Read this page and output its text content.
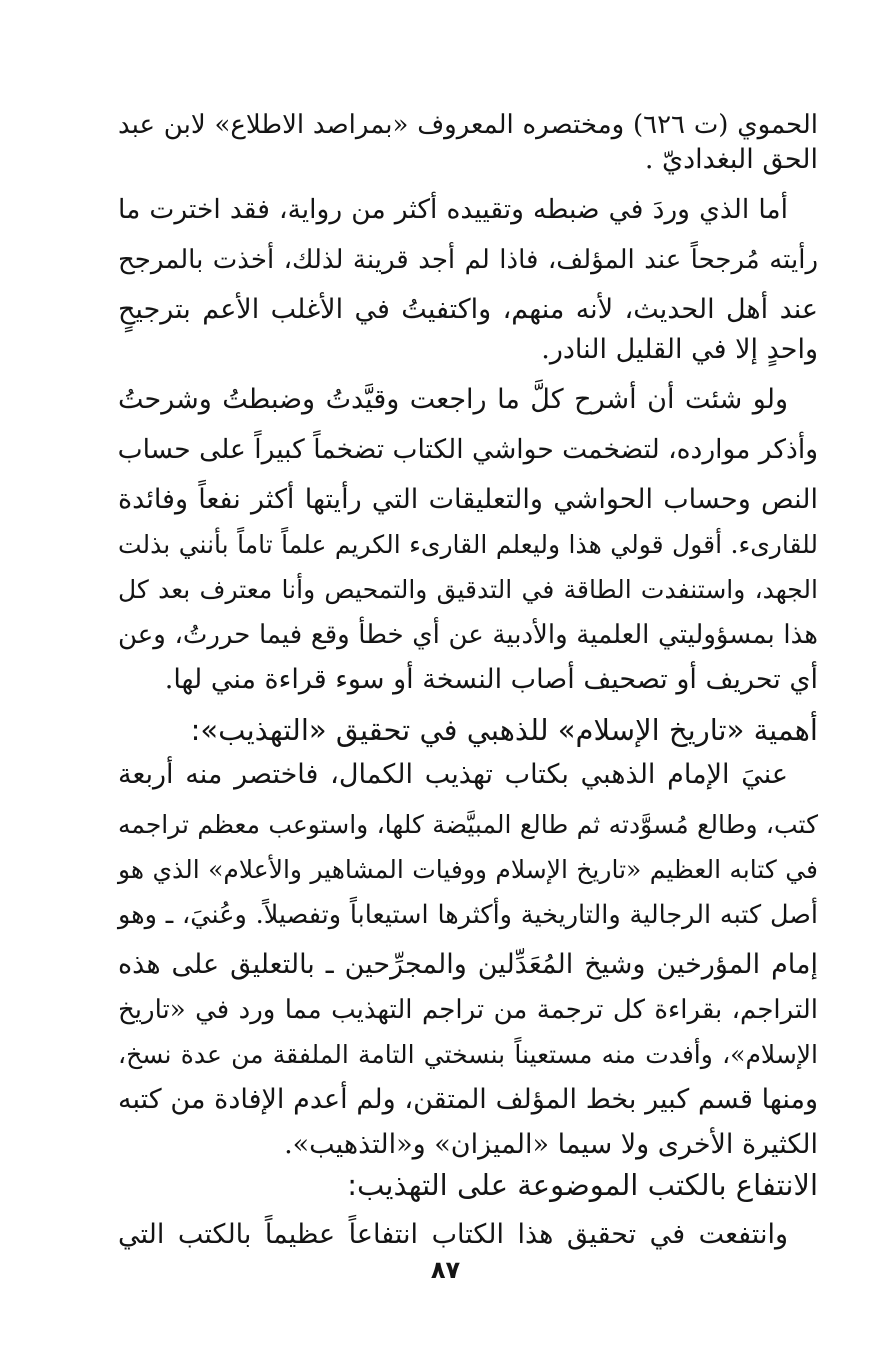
الحموي (ت ٦٢٦) ومختصره المعروف «بمراصد الاطلاع» لابن عبد
الحق البغداديّ .
أما الذي وردَ في ضبطه وتقييده أكثر من رواية، فقد اخترت ما
رأيته مُرجحاً عند المؤلف، فاذا لم أجد قرينة لذلك، أخذت بالمرجح
عند أهل الحديث، لأنه منهم، واكتفيتُ في الأغلب الأعم بترجيحٍ
واحدٍ إلا في القليل النادر.
ولو شئت أن أشرح كلَّ ما راجعت وقيَّدتُ وضبطتُ وشرحتُ
وأذكر موارده، لتضخمت حواشي الكتاب تضخماً كبيراً على حساب
النص وحساب الحواشي والتعليقات التي رأيتها أكثر نفعاً وفائدة
للقارىء. أقول قولي هذا وليعلم القارىء الكريم علماً تاماً بأنني بذلت
الجهد، واستنفدت الطاقة في التدقيق والتمحيص وأنا معترف بعد كل
هذا بمسؤوليتي العلمية والأدبية عن أي خطأ وقع فيما حررتُ، وعن
أي تحريف أو تصحيف أصاب النسخة أو سوء قراءة مني لها.
أهمية «تاريخ الإسلام» للذهبي في تحقيق «التهذيب»:
عنيَ الإمام الذهبي بكتاب تهذيب الكمال، فاختصر منه أربعة
كتب، وطالع مُسوَّدته ثم طالع المبيَّضة كلها، واستوعب معظم تراجمه
في كتابه العظيم «تاريخ الإسلام ووفيات المشاهير والأعلام» الذي هو
أصل كتبه الرجالية والتاريخية وأكثرها استيعاباً وتفصيلاً. وعُنيَ، ـ وهو
إمام المؤرخين وشيخ المُعَدِّلين والمجرِّحين ـ بالتعليق على هذه
التراجم، بقراءة كل ترجمة من تراجم التهذيب مما ورد في «تاريخ
الإسلام»، وأفدت منه مستعيناً بنسختي التامة الملفقة من عدة نسخ،
ومنها قسم كبير بخط المؤلف المتقن، ولم أعدم الإفادة من كتبه
الكثيرة الأخرى ولا سيما «الميزان» و«التذهيب».
الانتفاع بالكتب الموضوعة على التهذيب:
وانتفعت في تحقيق هذا الكتاب انتفاعاً عظيماً بالكتب التي
٨٧
